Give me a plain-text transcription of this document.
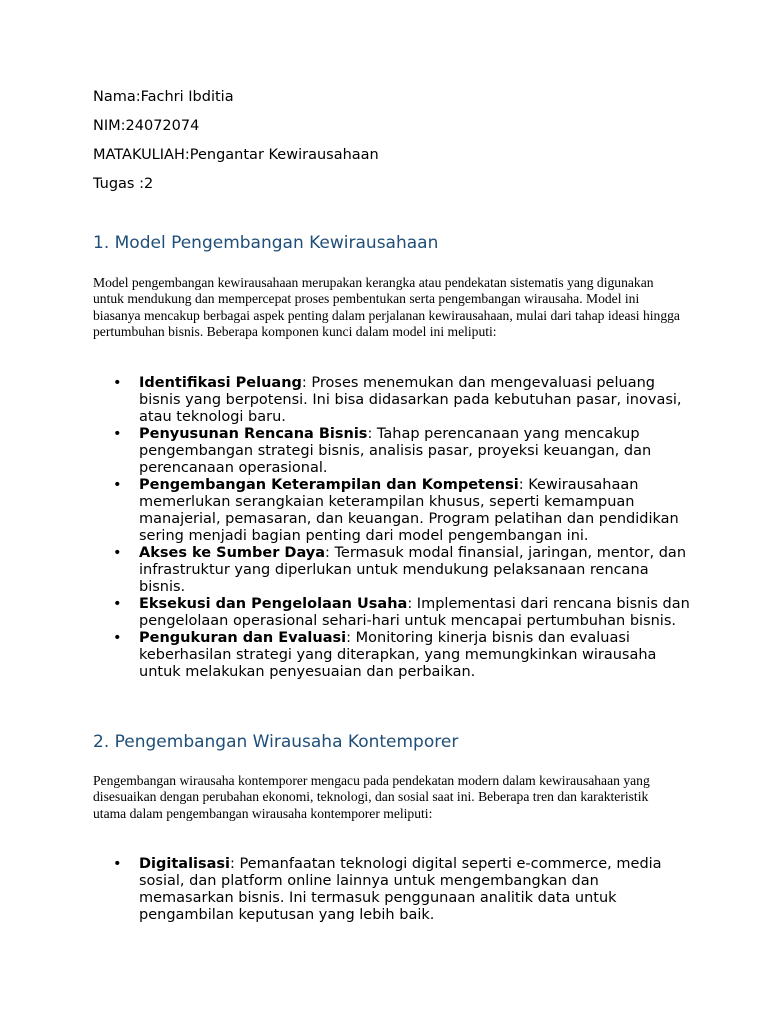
Nama:Fachri Ibditia
NIM:24072074
MATAKULIAH:Pengantar Kewirausahaan
Tugas :2
1. Model Pengembangan Kewirausahaan
Model pengembangan kewirausahaan merupakan kerangka atau pendekatan sistematis yang digunakan untuk mendukung dan mempercepat proses pembentukan serta pengembangan wirausaha. Model ini biasanya mencakup berbagai aspek penting dalam perjalanan kewirausahaan, mulai dari tahap ideasi hingga pertumbuhan bisnis. Beberapa komponen kunci dalam model ini meliputi:
• Identifikasi Peluang: Proses menemukan dan mengevaluasi peluang bisnis yang berpotensi. Ini bisa didasarkan pada kebutuhan pasar, inovasi, atau teknologi baru.
• Penyusunan Rencana Bisnis: Tahap perencanaan yang mencakup pengembangan strategi bisnis, analisis pasar, proyeksi keuangan, dan perencanaan operasional.
• Pengembangan Keterampilan dan Kompetensi: Kewirausahaan memerlukan serangkaian keterampilan khusus, seperti kemampuan manajerial, pemasaran, dan keuangan. Program pelatihan dan pendidikan sering menjadi bagian penting dari model pengembangan ini.
• Akses ke Sumber Daya: Termasuk modal finansial, jaringan, mentor, dan infrastruktur yang diperlukan untuk mendukung pelaksanaan rencana bisnis.
• Eksekusi dan Pengelolaan Usaha: Implementasi dari rencana bisnis dan pengelolaan operasional sehari-hari untuk mencapai pertumbuhan bisnis.
• Pengukuran dan Evaluasi: Monitoring kinerja bisnis dan evaluasi keberhasilan strategi yang diterapkan, yang memungkinkan wirausaha untuk melakukan penyesuaian dan perbaikan.
2. Pengembangan Wirausaha Kontemporer
Pengembangan wirausaha kontemporer mengacu pada pendekatan modern dalam kewirausahaan yang disesuaikan dengan perubahan ekonomi, teknologi, dan sosial saat ini. Beberapa tren dan karakteristik utama dalam pengembangan wirausaha kontemporer meliputi:
• Digitalisasi: Pemanfaatan teknologi digital seperti e-commerce, media sosial, dan platform online lainnya untuk mengembangkan dan memasarkan bisnis. Ini termasuk penggunaan analitik data untuk pengambilan keputusan yang lebih baik.
